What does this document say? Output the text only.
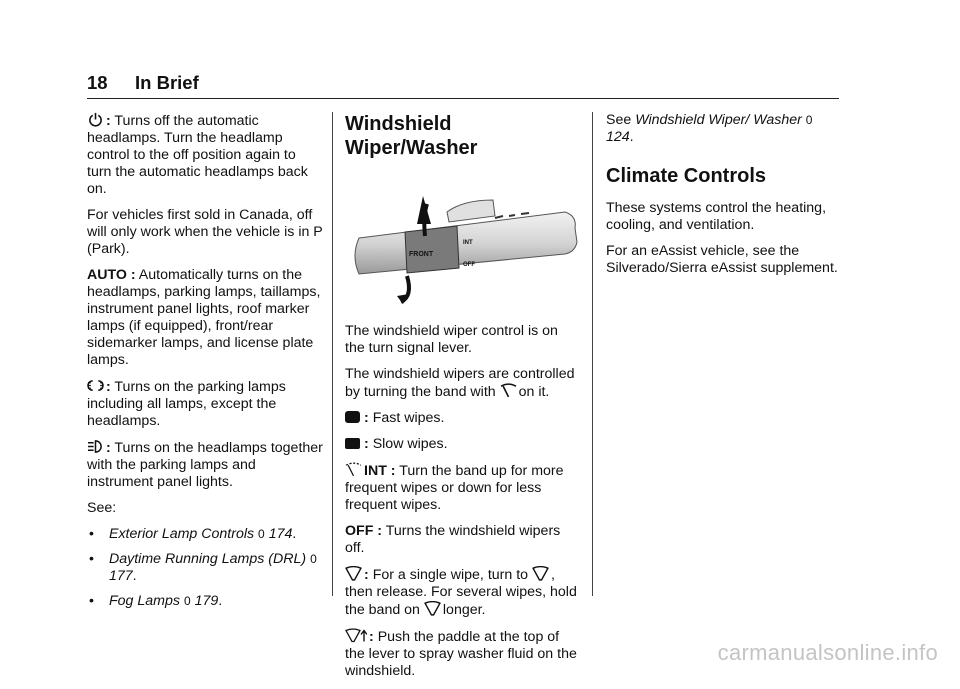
18 In Brief

: Turns off the automatic headlamps. Turn the headlamp control to the off position again to turn the automatic headlamps back on.

For vehicles first sold in Canada, off will only work when the vehicle is in P (Park).

AUTO : Automatically turns on the headlamps, parking lamps, taillamps, instrument panel lights, roof marker lamps (if equipped), front/rear sidemarker lamps, and license plate lamps.

: Turns on the parking lamps including all lamps, except the headlamps.

: Turns on the headlamps together with the parking lamps and instrument panel lights.

See:

•	Exterior Lamp Controls 0 174.
•	Daytime Running Lamps (DRL) 0 177.
•	Fog Lamps 0 179.
Windshield Wiper/Washer
FRONT
INT
OFF

The windshield wiper control is on the turn signal lever.

The windshield wipers are controlled by turning the band with on it.

: Fast wipes.

: Slow wipes.

INT : Turn the band up for more frequent wipes or down for less frequent wipes.

OFF : Turns the windshield wipers off.

: For a single wipe, turn to , then release. For several wipes, hold the band on longer.

: Push the paddle at the top of the lever to spray washer fluid on the windshield.

See Windshield Wiper/ Washer 0 124.

Climate Controls

These systems control the heating, cooling, and ventilation.

For an eAssist vehicle, see the Silverado/Sierra eAssist supplement.

carmanualsonline.info
